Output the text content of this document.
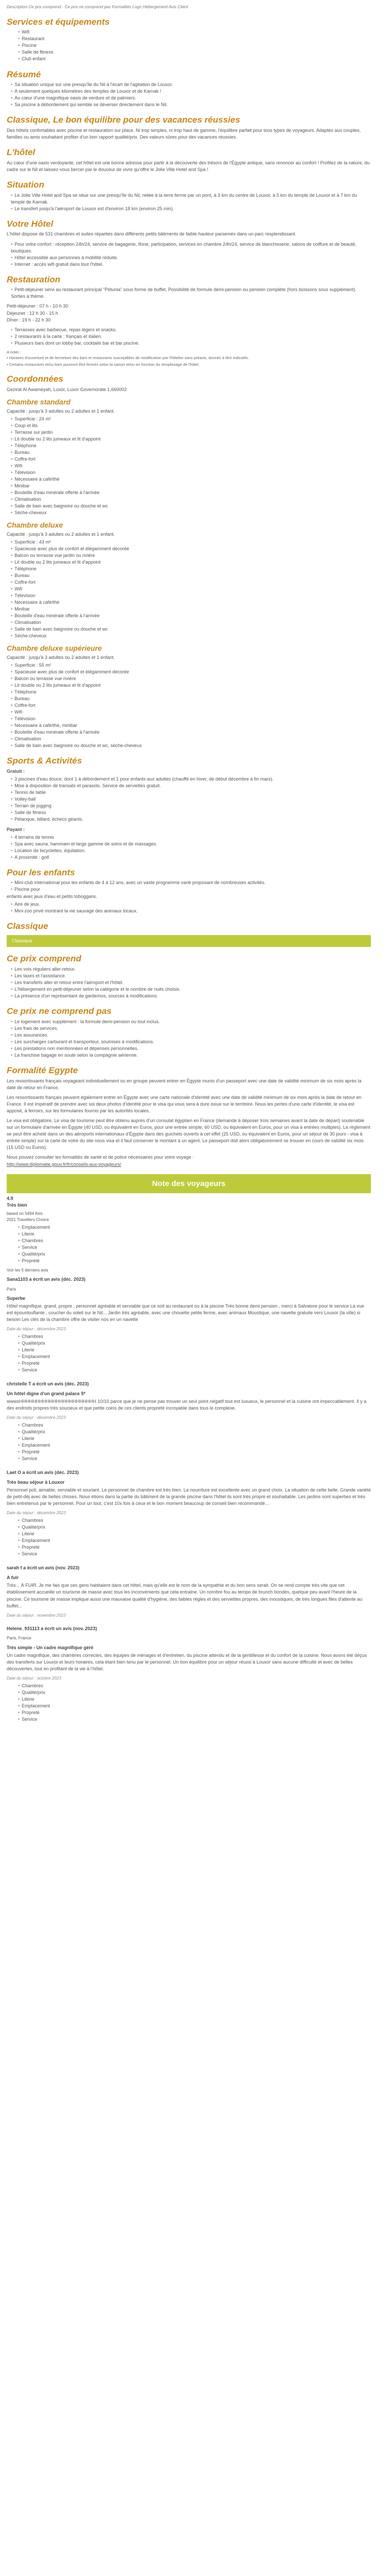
Description Ce prix comprend - Ce prix ne comprend pas Formalités Logo Hébergement Avis Client
Services et équipements
• Wifi
• Restaurant
• Piscine
• Salle de fitness
• Club enfant
Résumé
• Sa situation unique sur une presqu'île du Nil à l'écart de l'agitation de Louxor.
• A seulement quelques kilomètres des temples de Louxor et de Karnak !
• Au cœur d'une magnifique oasis de verdure et de palmiers.
• Sa piscine à débordement qui semble se déverser directement dans le Nil.
Classique, Le bon équilibre pour des vacances réussies

Des hôtels confortables avec piscine et restauration sur place. Ni trop simples, ni trop haut de gamme, l'équilibre parfait pour tous types de voyageurs. Adaptés aux couples, familles ou amis souhaitant profiter d'un bon rapport qualité/prix. Des valeurs sûres pour des vacances réussies.

L'hôtel

Au cœur d'une oasis verdoyante, cet hôtel est une bonne adresse pour partir à la découverte des trésors de l'Égypte antique, sans renoncer au confort ! Profitez de la nature, du cadre sur le Nil et laissez-vous bercer par le douceur de vivre qu'offre le Jolie Ville Hotel and Spa !

Situation
• Le Jolie Ville Hotel and Spa se situe sur une presqu'île du Nil, reliée à la terre ferme par un pont, à 3 km du centre de Louxor, à 5 km du temple de Louxor et à 7 km du temple de Karnak.
• Le transfert jusqu'à l'aéroport de Louxor est d'environ 18 km (environ 25 min).
Votre Hôtel

L'hôtel dispose de 531 chambres et suites réparties dans différents petits bâtiments de faible hauteur parsemés dans un parc resplendissant.

• Pour votre confort : réception 24h/24, service de bagagerie, Ifone, participation, services en chambre 24h/24, service de blanchisserie, salons de coiffure et de beauté, boutiques.
• Hôtel accessible aux personnes à mobilité réduite.
• Internet : accès wifi gratuit dans tout l'hôtel.
Restauration
• Petit-déjeuner servi au restaurant principal "Pétunia" sous forme de buffet. Possibilité de formule demi-pension ou pension complète (hors boissons sous supplément). Sorties à thème.

Petit-déjeuner : 07 h - 10 h 30
Déjeuner : 12 h 30 - 15 h
Dîner : 19 h - 22 h 30

• Terrasses avec barbecue, repas légers et snacks.
• 2 restaurants à la carte : français et italien.
• Plusieurs bars dont un lobby bar, cocktails bar et bar piscine.

A noter :

• Horaires d'ouverture et de fermeture des bars et restaurants susceptibles de modification par l'hôtelier sans préavis, donnés à titre indicatifs.

• Certains restaurants et/ou bars pourront être fermés selon la saison et/ou en fonction du remplissage de l'hôtel.

Coordonnées

Gezirat Al Awameyah, Luxor, Luxor Governorate 1,660002

Chambre standard

Capacité : jusqu'à 3 adultes ou 2 adultes et 1 enfant.

• Superficie : 24 m²
• Coup et lits
• Terrasse sur jardin
• Lit double ou 2 lits jumeaux et lit d'appoint
• Téléphone
• Bureau
• Coffre-fort
• Wifi
• Télévision
• Nécessaire à café/thé
• Minibar
• Bouteille d'eau minérale offerte à l'arrivée
• Climatisation
• Salle de bain avec baignoire ou douche et wc
• Sèche-cheveux
Chambre deluxe

Capacité : jusqu'à 3 adultes ou 2 adultes et 1 enfant.

• Superficie : 43 m²
• Spacieuse avec plus de confort et élégamment décorée
• Balcon ou terrasse vue jardin ou rivière
• Lit double ou 2 lits jumeaux et lit d'appoint
• Téléphone
• Bureau
• Coffre-fort
• Wifi
• Télévision
• Nécessaire à café/thé
• Minibar
• Bouteille d'eau minérale offerte à l'arrivée
• Climatisation
• Salle de bain avec baignoire ou douche et wc
• Sèche-cheveux
Chambre deluxe supérieure

Capacité : jusqu'à 3 adultes ou 2 adultes et 1 enfant.

• Superficie : 55 m²
• Spacieuse avec plus de confort et élégamment décorée
• Balcon ou terrasse vue rivière
• Lit double ou 2 lits jumeaux et lit d'appoint
• Téléphone
• Bureau
• Coffre-fort
• Wifi
• Télévision
• Nécessaire à café/thé, minibar
• Bouteille d'eau minérale offerte à l'arrivée
• Climatisation
• Salle de bain avec baignoire ou douche et wc, sèche-cheveux
Sports & Activités

Gratuit :

• 3 piscines d'eau douce, dont 1 à débordement et 1 pour enfants aux adultes (chauffé en hiver, de début décembre à fin mars).
• Mise à disposition de transats et parasols. Service de serviettes gratuit.
• Tennis de table
• Volley-ball
• Terrain de jogging
• Salle de fitness
• Pétanque, billard, échecs géants.

Payant :

• 4 terrains de tennis
• Spa avec sauna, hammam et large gamme de soins et de massages.
• Location de bicyclettes, équitation.
• A proximité : golf.
Pour les enfants
• Mini-club international pour les enfants de 4 à 12 ans, avec un vaste programme varié proposant de nombreuses activités.
• Piscine pour

enfants avec jeux d'eau et petits toboggans.

• Aire de jeux.
• Mini-zoo privé montrant la vie sauvage des animaux locaux.
Classique
Classique
Ce prix comprend
• Les vols réguliers aller-retour.
• Les taxes et l'assistance.
• Les transferts aller et retour entre l'aéroport et l'hôtel.
• L'hébergement en petit-déjeuner selon la catégorie et le nombre de nuits choisis.
• La présence d'un représentant de garde/nos, sources à modifications.
Ce prix ne comprend pas
• Le logement avec supplément : la formule demi-pension ou tout inclus.
• Les frais de services.
• Les assurances.
• Les surcharges carburant et transporteur, soumises à modifications.
• Les prestations non mentionnées et dépenses personnelles.
• La franchise bagage en soute selon la compagnie aérienne.
Formalité Egypte

Les ressortissants français voyageant individuellement ou en groupe peuvent entrer en Égypte munis d'un passeport avec une date de validité minimum de six mois après la date de retour en France.

Les ressortissants français peuvent également entrer en Égypte avec une carte nationale d'identité avec une date de validité minimum de six mois après la date de retour en France. Il est impératif de prendre avec soi deux photos d'identité pour le visa qui vous sera à dure issue sur le territoire. Nous les pertes d'une carte d'identité, le visa est apposé, à ferroirs, sur les formulaires fournis par les autorités locales.

Le visa est obligatoire. Le visa de tourisme peut être obtenu auprès d'un consulat égyptien en France (demande à déposer trois semaines avant la date de départ) soutenable sur un formulaire d'arrivée en Égypte (40 USD, ou équivalent en Euros, pour une entrée simple, 60 USD, ou équivalent en Euros, pour un visa à entrées multiples). Le règlement se peut être acheté dans un des aéroports internationaux d'Égypte dans des guichets ouverts à cet effet (25 USD, ou équivalent en Euros, pour un séjour de 30 jours - visa à entrée simple) sur la carte de votre du site nous visa et il faut conserver le montant à un agent. Le passeport doit alors obligatoirement se trouver en cours de validité six mois (15 USD ou Euros).

Nous pouvez consulter les formalités de santé et de police nécessaires pour votre voyage :

http://www.diplomatie.gouv.fr/fr/conseils-aux-voyageurs/

Note des voyageurs
4.9
Très bien

based on 5494 Avis

2021 Travellers Choice

• Emplacement
• Literie
• Chambres
• Service
• Qualité/prix
• Propreté

Voir les 5 derniers avis

Sana1103 a écrit un avis (déc. 2023)
Paris
Superbe

Hôtel magnifique, grand, propre , personnel agréable et serviable que ce soit au restaurant ou à la piscine Très bonne demi pension , merci à Salvatore pour le service La vue est époustouflante , coucher du soleil sur le Nil... Jardin très agréable, avec une chouette petite ferme, avec animaux Moustique, une navette gratuite vers Louxor (la ville) si besoin Les clés de la chambre offre de visiter nos en un navette

Date du séjour : décembre 2023
• Chambres
• Qualité/prix
• Literie
• Emplacement
• Propreté
• Service
christelle T a écrit un avis (déc. 2023)
Un hôtel digne d'un grand palace 5*

wwwsHHHHHHHHHHHHHHHHHHHHHHH 10/10 parce que je ne pense pas trouver un seul point négatif tout est luxueux, le personnel et la cuisine ont impeccablement. Il y a des endroits propres très soucieux et que petite coins de ces clients propreté incroyable dans tous le complexe.

Date du séjour : décembre 2023
• Chambres
• Qualité/prix
• Literie
• Emplacement
• Propreté
• Service
Laet O a écrit un avis (déc. 2023)
Très beau séjour à Louxor

Personnel poli, aimable, serviable et souriant. Le personnel de chambre est très bien. La nourriture est excellente avec un grand choix. La situation de cette belle. Grande variété de petit-déj avec de belles choses. Nous étions dans la partie du bâtiment de la grande piscine dans l'hôtel ils sont très propre et souhaitable. Les jardins sont superbes et très bien entretenus par le personnel. Pour un tout, c'est 10x fois à ceux et le bon moment beaucoup de conseil bien recommandé...

Date du séjour : décembre 2023
• Chambres
• Qualité/prix
• Literie
• Emplacement
• Propreté
• Service
sarah f a écrit un avis (nov. 2023)
A fuir

Très... À FUIR. Je me fais que ces gens habitaient dans cet hôtel, mais qu'elle est le nom de la sympathie et du bon sens serait. On se rend compte très vite que cet établissement accueille un tourisme de masse avec tous les inconvénients que cela entraîne. Un nombre fou au tempo de brunch bondés, quelque peu avant l'heure de la piscine. Ce tourisme de masse implique aussi une mauvaise qualité d'hygiène, des faibles règles et des serviettes propres, des moustiques, de très longues files d'attente au buffet...

Date du séjour : novembre 2023
Helene_931113 a écrit un avis (nov. 2023)
Paris, France
Très simple - Un cadre magnifique géré

Un cadre magnifique, des chambres correctes, des équipes de ménages et d'entretien, du piscine attendu et de la gentillesse et du confort de la cuisine. Nous avons été déçus des transferts sur Louxor et leurs horaires, cela étant bien tenu par le personnel. Un bon équilibre pour un séjour réussi à Louxor sans aucune difficulté et avec de belles découvertes, tout en profitant de la vie à l'hôtel.

Date du séjour : octobre 2023
• Chambres
• Qualité/prix
• Literie
• Emplacement
• Propreté
• Service
